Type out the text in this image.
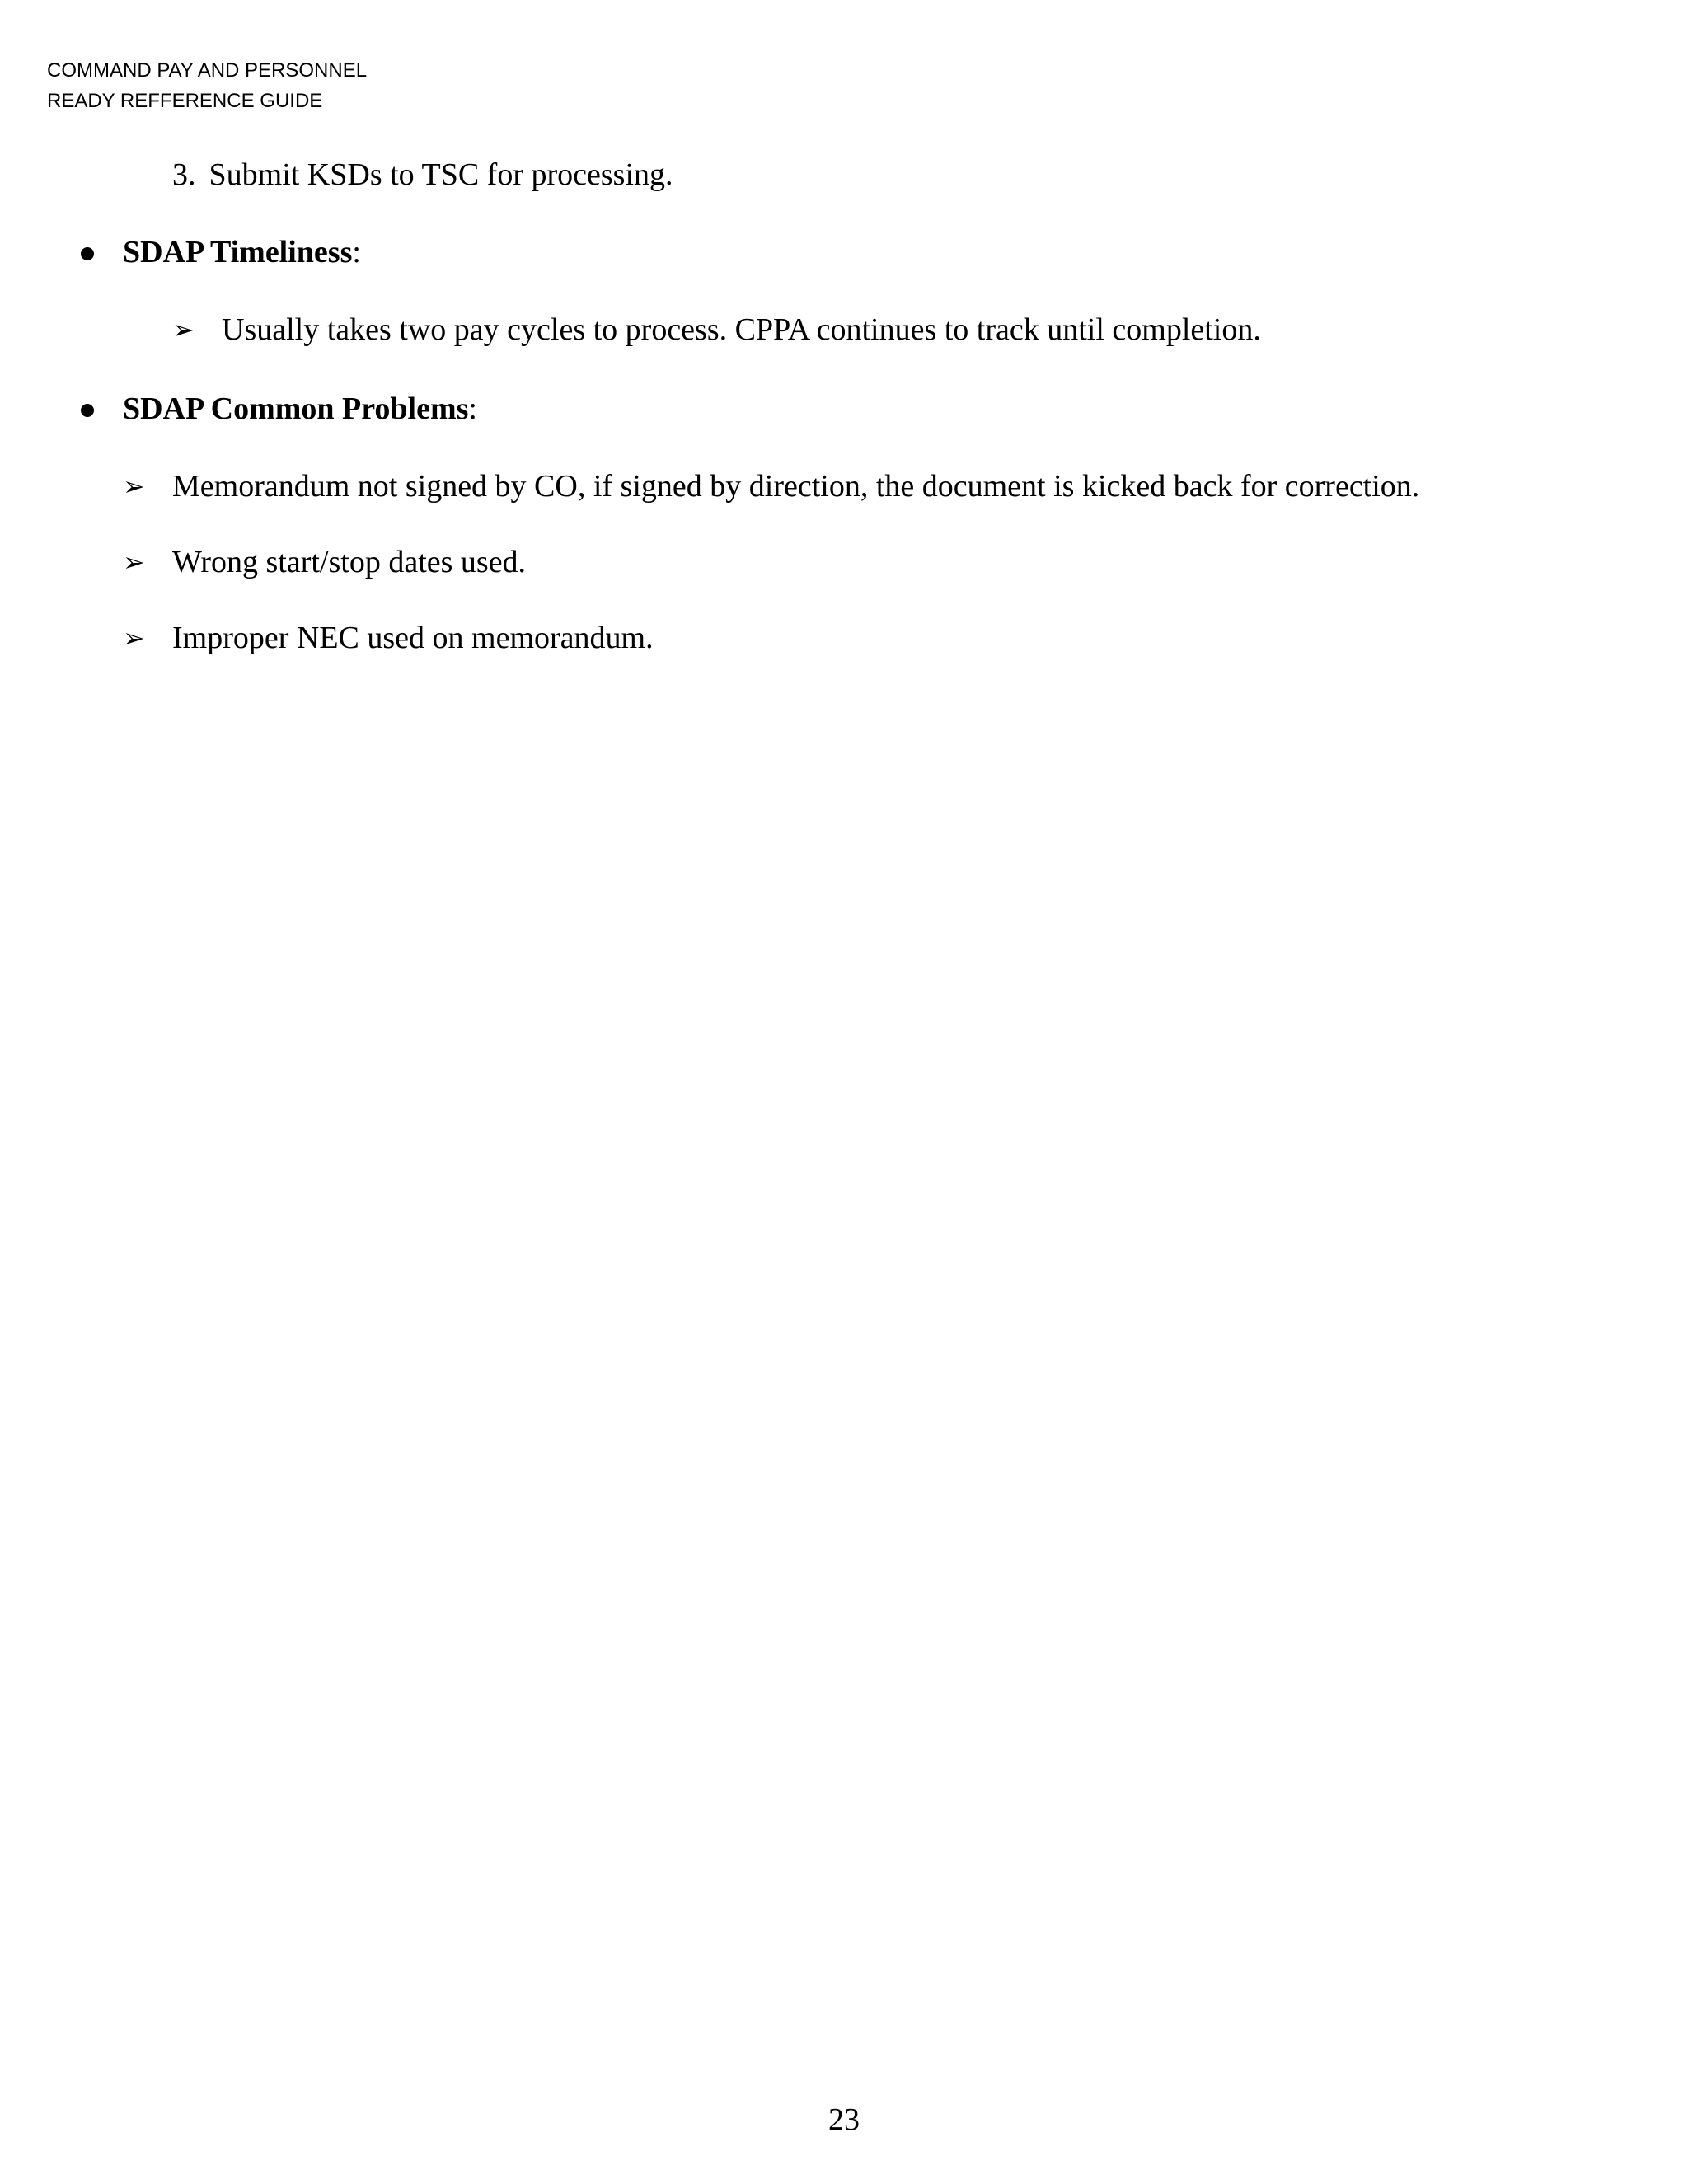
COMMAND PAY AND PERSONNEL

READY REFFERENCE GUIDE

3. Submit KSDs to TSC for processing.
SDAP Timeliness:
➢ Usually takes two pay cycles to process. CPPA continues to track until completion.
SDAP Common Problems:
➢ Memorandum not signed by CO, if signed by direction, the document is kicked back for correction.
➢ Wrong start/stop dates used.
➢ Improper NEC used on memorandum.
23
